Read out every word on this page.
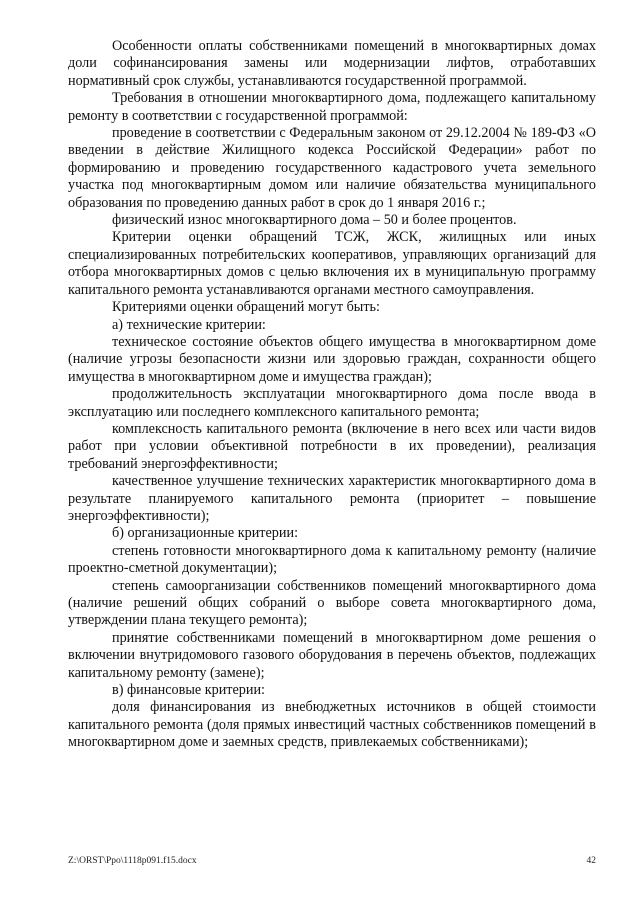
Особенности оплаты собственниками помещений в многоквартирных домах доли софинансирования замены или модернизации лифтов, отработавших нормативный срок службы, устанавливаются государственной программой.

Требования в отношении многоквартирного дома, подлежащего капитальному ремонту в соответствии с государственной программой:

проведение в соответствии с Федеральным законом от 29.12.2004 № 189-ФЗ «О введении в действие Жилищного кодекса Российской Федерации» работ по формированию и проведению государственного кадастрового учета земельного участка под многоквартирным домом или наличие обязательства муниципального образования по проведению данных работ в срок до 1 января 2016 г.;

физический износ многоквартирного дома – 50 и более процентов.

Критерии оценки обращений ТСЖ, ЖСК, жилищных или иных специализированных потребительских кооперативов, управляющих организаций для отбора многоквартирных домов с целью включения их в муниципальную программу капитального ремонта устанавливаются органами местного самоуправления.

Критериями оценки обращений могут быть:

а) технические критерии:

техническое состояние объектов общего имущества в многоквартирном доме (наличие угрозы безопасности жизни или здоровью граждан, сохранности общего имущества в многоквартирном доме и имущества граждан);

продолжительность эксплуатации многоквартирного дома после ввода в эксплуатацию или последнего комплексного капитального ремонта;

комплексность капитального ремонта (включение в него всех или части видов работ при условии объективной потребности в их проведении), реализация требований энергоэффективности;

качественное улучшение технических характеристик многоквартирного дома в результате планируемого капитального ремонта (приоритет – повышение энергоэффективности);

б) организационные критерии:

степень готовности многоквартирного дома к капитальному ремонту (наличие проектно-сметной документации);

степень самоорганизации собственников помещений многоквартирного дома (наличие решений общих собраний о выборе совета многоквартирного дома, утверждении плана текущего ремонта);

принятие собственниками помещений в многоквартирном доме решения о включении внутридомового газового оборудования в перечень объектов, подлежащих капитальному ремонту (замене);

в) финансовые критерии:

доля финансирования из внебюджетных источников в общей стоимости капитального ремонта (доля прямых инвестиций частных собственников помещений в многоквартирном доме и заемных средств, привлекаемых собственниками);

Z:\ORST\Ppo\1118p091.f15.docx	42
